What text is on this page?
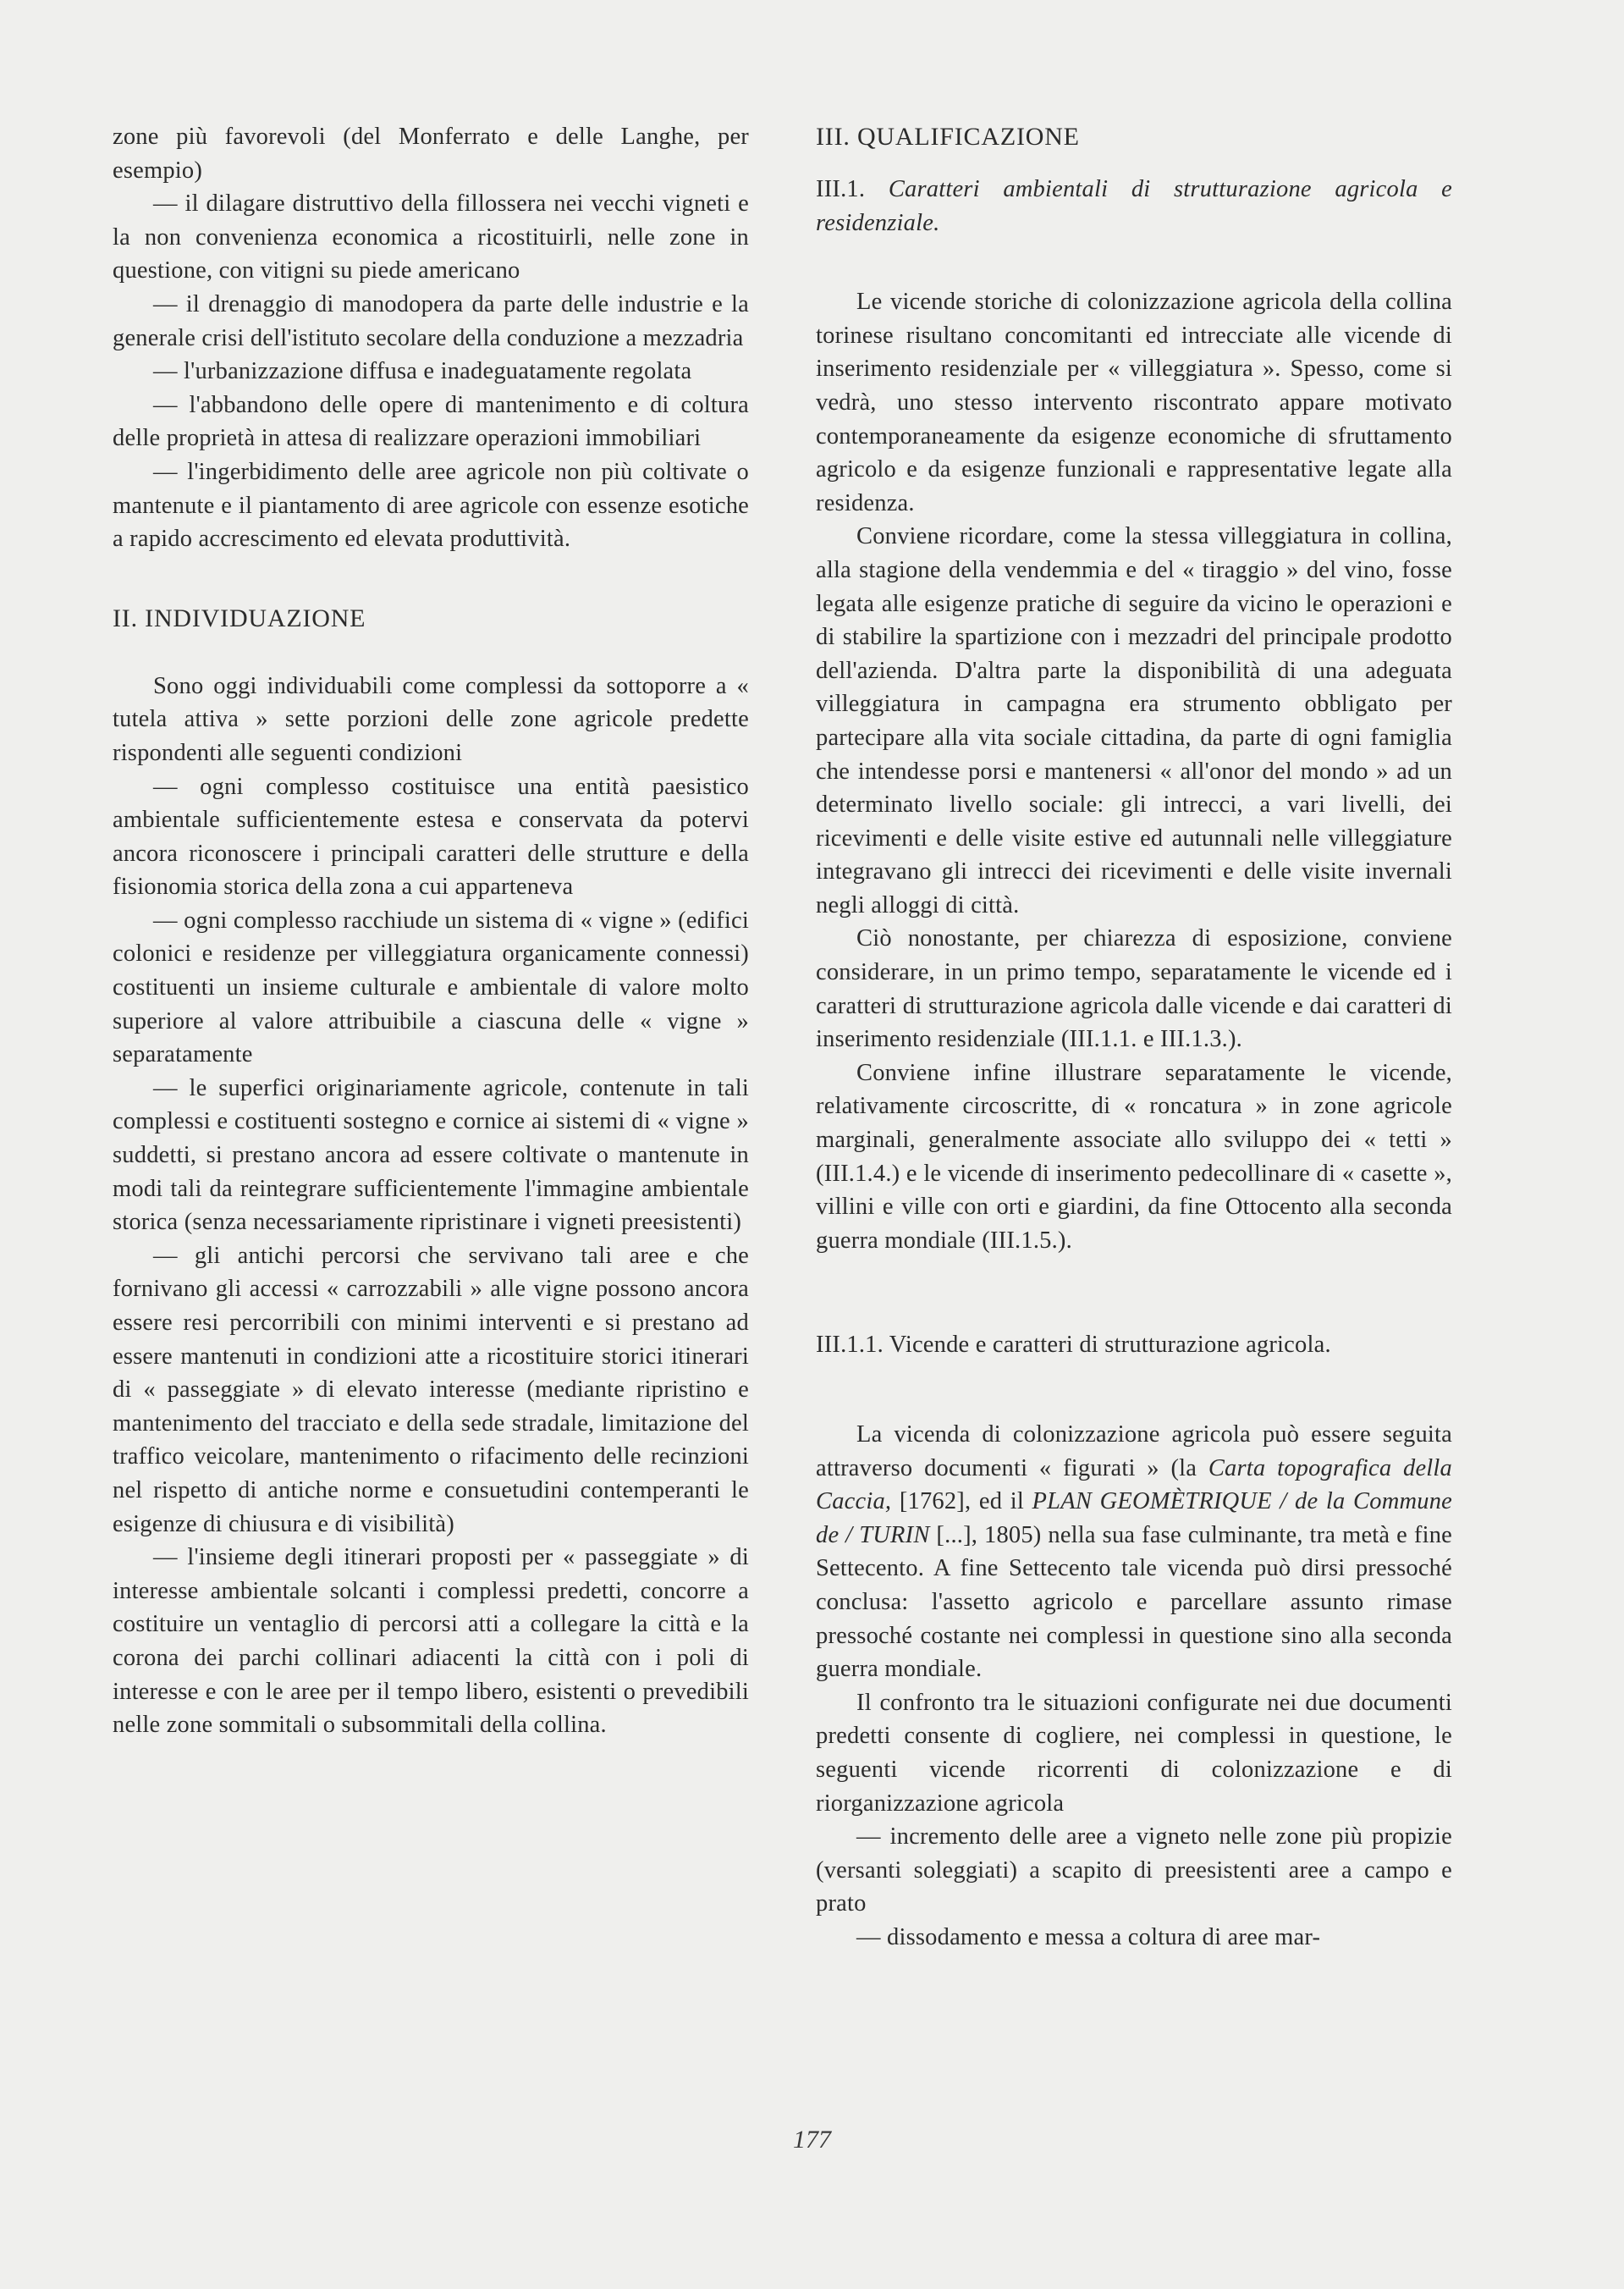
zone più favorevoli (del Monferrato e delle Langhe, per esempio)

— il dilagare distruttivo della fillossera nei vecchi vigneti e la non convenienza economica a ricostituirli, nelle zone in questione, con vitigni su piede americano

— il drenaggio di manodopera da parte delle industrie e la generale crisi dell'istituto secolare della conduzione a mezzadria

— l'urbanizzazione diffusa e inadeguatamente regolata

— l'abbandono delle opere di mantenimento e di coltura delle proprietà in attesa di realizzare operazioni immobiliari

— l'ingerbidimento delle aree agricole non più coltivate o mantenute e il piantamento di aree agricole con essenze esotiche a rapido accrescimento ed elevata produttività.

II. INDIVIDUAZIONE

Sono oggi individuabili come complessi da sottoporre a « tutela attiva » sette porzioni delle zone agricole predette rispondenti alle seguenti condizioni

— ogni complesso costituisce una entità paesistico ambientale sufficientemente estesa e conservata da potervi ancora riconoscere i principali caratteri delle strutture e della fisionomia storica della zona a cui apparteneva

— ogni complesso racchiude un sistema di « vigne » (edifici colonici e residenze per villeggiatura organicamente connessi) costituenti un insieme culturale e ambientale di valore molto superiore al valore attribuibile a ciascuna delle « vigne » separatamente

— le superfici originariamente agricole, contenute in tali complessi e costituenti sostegno e cornice ai sistemi di « vigne » suddetti, si prestano ancora ad essere coltivate o mantenute in modi tali da reintegrare sufficientemente l'immagine ambientale storica (senza necessariamente ripristinare i vigneti preesistenti)

— gli antichi percorsi che servivano tali aree e che fornivano gli accessi « carrozzabili » alle vigne possono ancora essere resi percorribili con minimi interventi e si prestano ad essere mantenuti in condizioni atte a ricostituire storici itinerari di « passeggiate » di elevato interesse (mediante ripristino e mantenimento del tracciato e della sede stradale, limitazione del traffico veicolare, mantenimento o rifacimento delle recinzioni nel rispetto di antiche norme e consuetudini contemperanti le esigenze di chiusura e di visibilità)

— l'insieme degli itinerari proposti per « passeggiate » di interesse ambientale solcanti i complessi predetti, concorre a costituire un ventaglio di percorsi atti a collegare la città e la corona dei parchi collinari adiacenti la città con i poli di interesse e con le aree per il tempo libero, esistenti o prevedibili nelle zone sommitali o subsommitali della collina.

III. QUALIFICAZIONE

III.1. Caratteri ambientali di strutturazione agricola e residenziale.

Le vicende storiche di colonizzazione agricola della collina torinese risultano concomitanti ed intrecciate alle vicende di inserimento residenziale per « villeggiatura ». Spesso, come si vedrà, uno stesso intervento riscontrato appare motivato contemporaneamente da esigenze economiche di sfruttamento agricolo e da esigenze funzionali e rappresentative legate alla residenza.

Conviene ricordare, come la stessa villeggiatura in collina, alla stagione della vendemmia e del « tiraggio » del vino, fosse legata alle esigenze pratiche di seguire da vicino le operazioni e di stabilire la spartizione con i mezzadri del principale prodotto dell'azienda. D'altra parte la disponibilità di una adeguata villeggiatura in campagna era strumento obbligato per partecipare alla vita sociale cittadina, da parte di ogni famiglia che intendesse porsi e mantenersi « all'onor del mondo » ad un determinato livello sociale: gli intrecci, a vari livelli, dei ricevimenti e delle visite estive ed autunnali nelle villeggiature integravano gli intrecci dei ricevimenti e delle visite invernali negli alloggi di città.

Ciò nonostante, per chiarezza di esposizione, conviene considerare, in un primo tempo, separatamente le vicende ed i caratteri di strutturazione agricola dalle vicende e dai caratteri di inserimento residenziale (III.1.1. e III.1.3.).

Conviene infine illustrare separatamente le vicende, relativamente circoscritte, di « roncatura » in zone agricole marginali, generalmente associate allo sviluppo dei « tetti » (III.1.4.) e le vicende di inserimento pedecollinare di « casette », villini e ville con orti e giardini, da fine Ottocento alla seconda guerra mondiale (III.1.5.).

III.1.1. Vicende e caratteri di strutturazione agricola.

La vicenda di colonizzazione agricola può essere seguita attraverso documenti « figurati » (la Carta topografica della Caccia, [1762], ed il PLAN GEOMÈTRIQUE / de la Commune de / TURIN [...], 1805) nella sua fase culminante, tra metà e fine Settecento. A fine Settecento tale vicenda può dirsi pressoché conclusa: l'assetto agricolo e parcellare assunto rimase pressoché costante nei complessi in questione sino alla seconda guerra mondiale.

Il confronto tra le situazioni configurate nei due documenti predetti consente di cogliere, nei complessi in questione, le seguenti vicende ricorrenti di colonizzazione e di riorganizzazione agricola

— incremento delle aree a vigneto nelle zone più propizie (versanti soleggiati) a scapito di preesistenti aree a campo e prato

— dissodamento e messa a coltura di aree mar-

177
